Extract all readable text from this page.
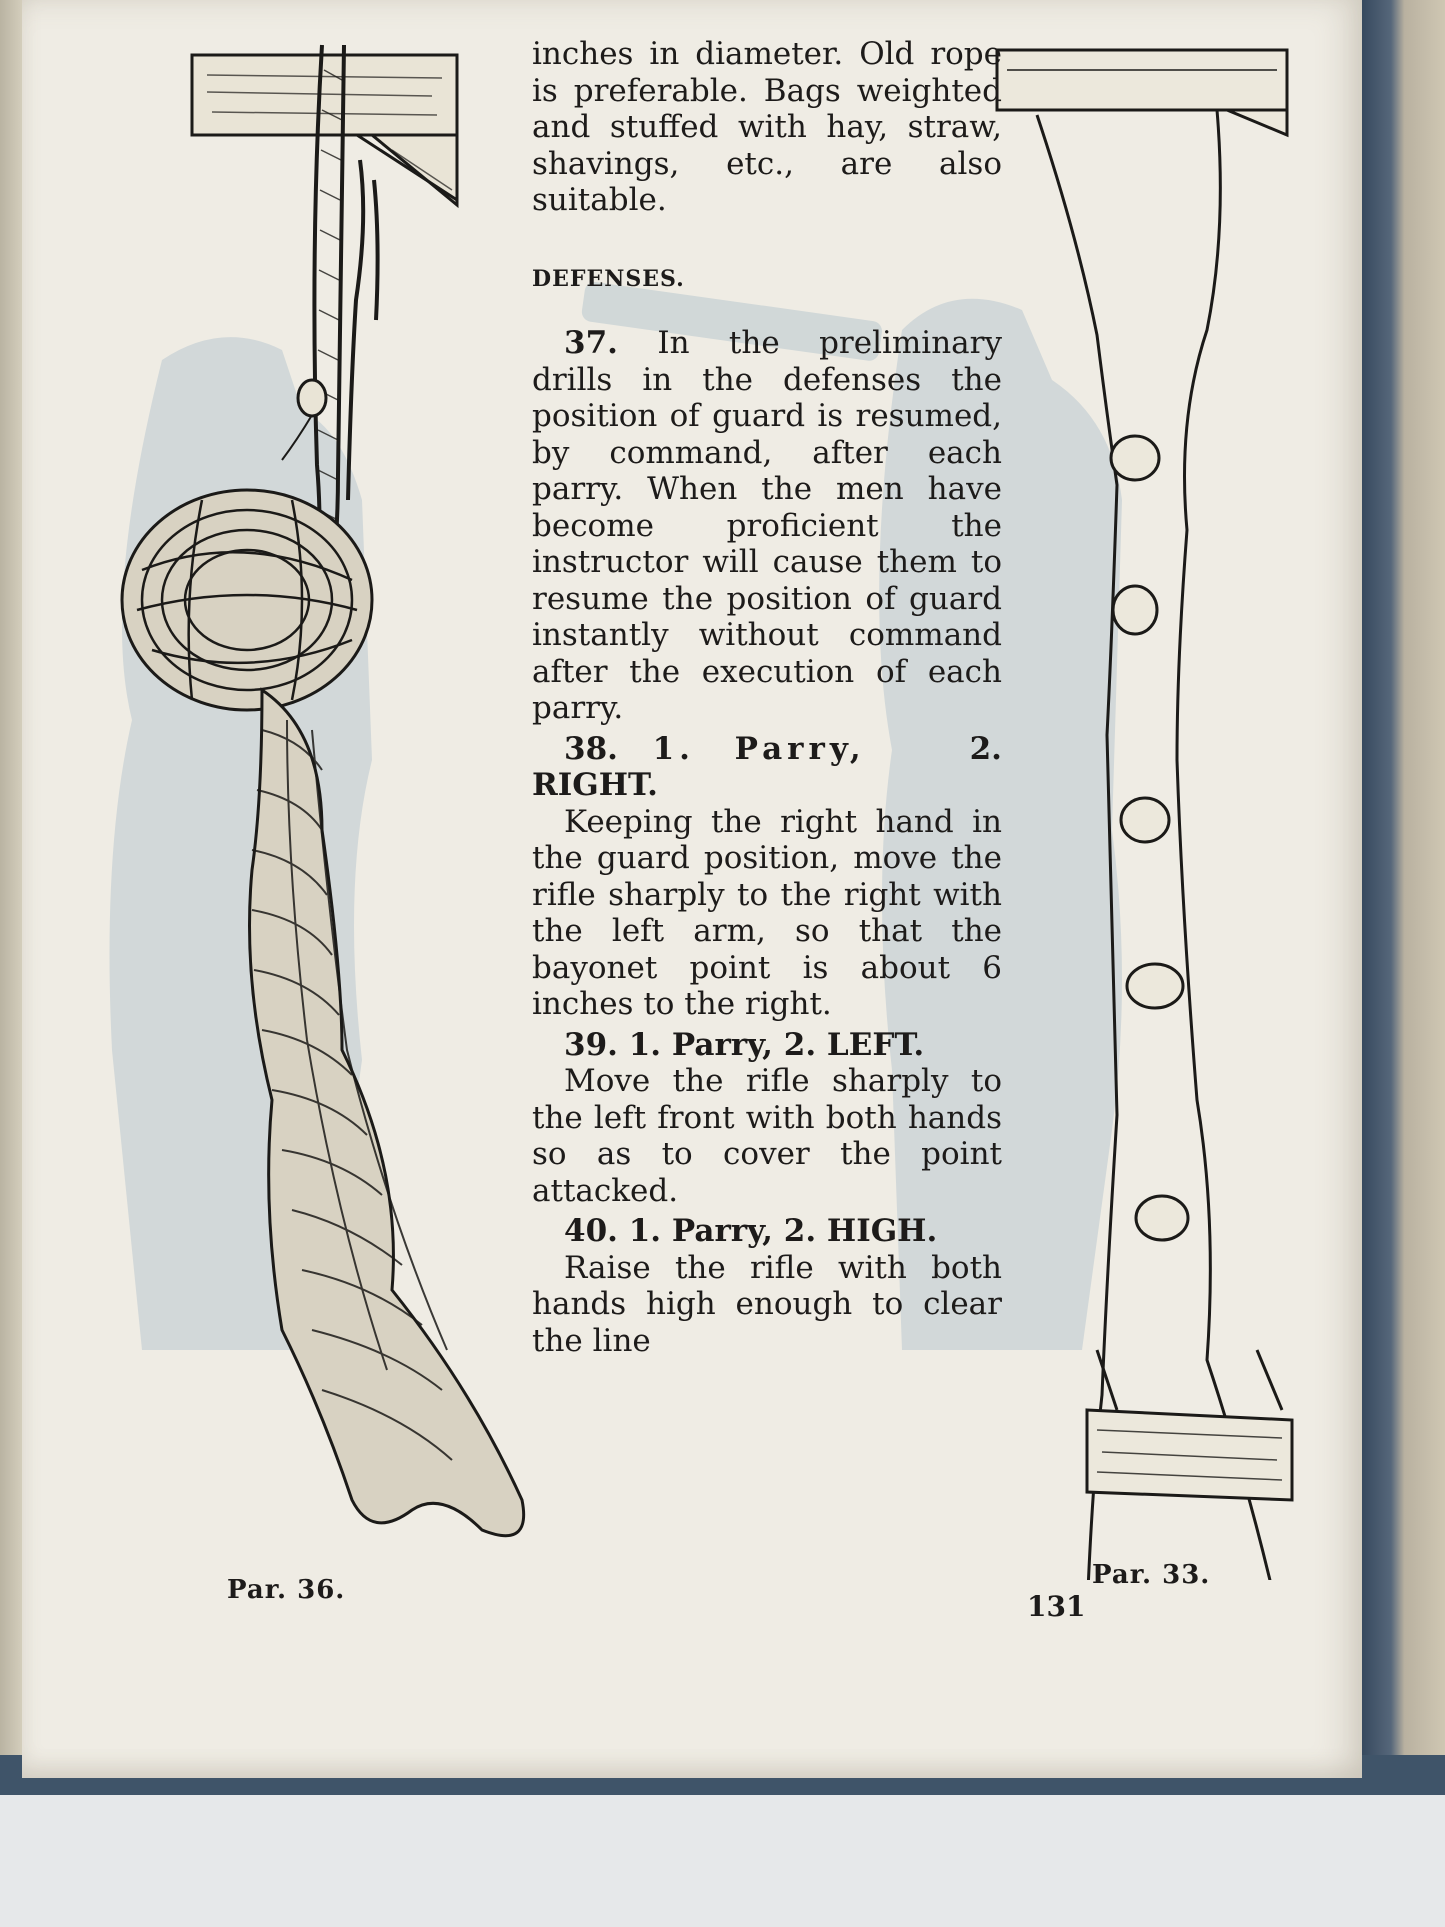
inches in diameter. Old rope is preferable. Bags weighted and stuffed with hay, straw, shavings, etc., are also suitable.

DEFENSES.

37. In the preliminary drills in the defenses the position of guard is resumed, by command, after each parry. When the men have become proficient the instructor will cause them to resume the position of guard instantly without command after the execution of each parry.

38. 1. Parry,	2. RIGHT.

Keeping the right hand in the guard position, move the rifle sharply to the right with the left arm, so that the bayonet point is about 6 inches to the right.

39. 1. Parry, 2. LEFT.

Move the rifle sharply to the left front with both hands so as to cover the point attacked.

40. 1. Parry, 2. HIGH.

Raise the rifle with both hands high enough to clear the line

Par. 36.	Par. 33.
131
